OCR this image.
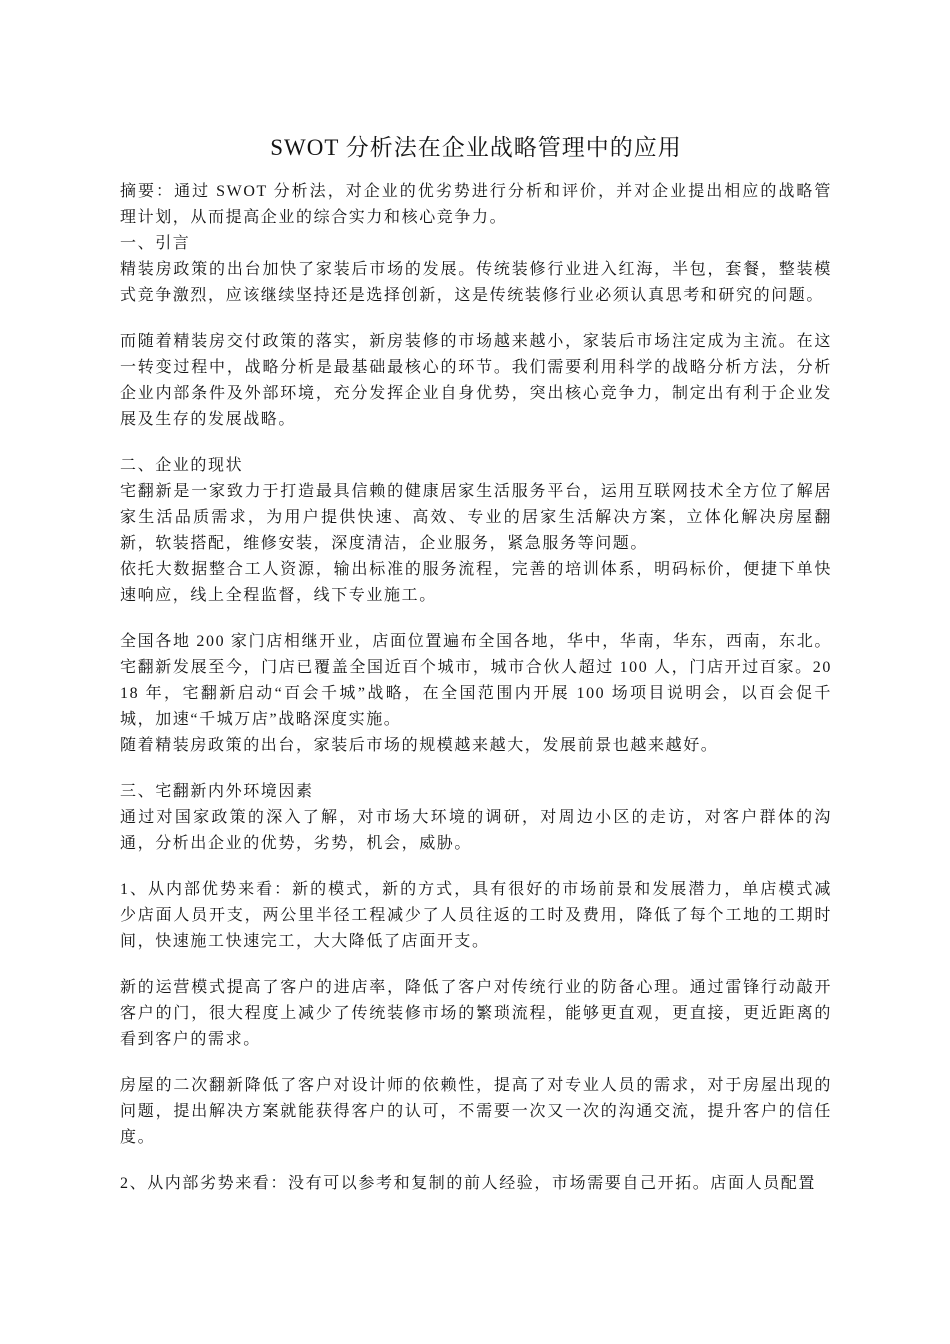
SWOT 分析法在企业战略管理中的应用
摘要：通过 SWOT 分析法，对企业的优劣势进行分析和评价，并对企业提出相应的战略管理计划，从而提高企业的综合实力和核心竞争力。
一、引言
精装房政策的出台加快了家装后市场的发展。传统装修行业进入红海，半包，套餐，整装模式竞争激烈，应该继续坚持还是选择创新，这是传统装修行业必须认真思考和研究的问题。
而随着精装房交付政策的落实，新房装修的市场越来越小，家装后市场注定成为主流。在这一转变过程中，战略分析是最基础最核心的环节。我们需要利用科学的战略分析方法，分析企业内部条件及外部环境，充分发挥企业自身优势，突出核心竞争力，制定出有利于企业发展及生存的发展战略。
二、企业的现状
宅翻新是一家致力于打造最具信赖的健康居家生活服务平台，运用互联网技术全方位了解居家生活品质需求，为用户提供快速、高效、专业的居家生活解决方案，立体化解决房屋翻新，软装搭配，维修安装，深度清洁，企业服务，紧急服务等问题。
依托大数据整合工人资源，输出标准的服务流程，完善的培训体系，明码标价，便捷下单快速响应，线上全程监督，线下专业施工。
全国各地 200 家门店相继开业，店面位置遍布全国各地，华中，华南，华东，西南，东北。宅翻新发展至今，门店已覆盖全国近百个城市，城市合伙人超过 100 人，门店开过百家。2018 年，宅翻新启动“百会千城”战略，在全国范围内开展 100 场项目说明会，以百会促千城，加速“千城万店”战略深度实施。
随着精装房政策的出台，家装后市场的规模越来越大，发展前景也越来越好。
三、宅翻新内外环境因素
通过对国家政策的深入了解，对市场大环境的调研，对周边小区的走访，对客户群体的沟通，分析出企业的优势，劣势，机会，威胁。
1、从内部优势来看：新的模式，新的方式，具有很好的市场前景和发展潜力，单店模式减少店面人员开支，两公里半径工程减少了人员往返的工时及费用，降低了每个工地的工期时间，快速施工快速完工，大大降低了店面开支。
新的运营模式提高了客户的进店率，降低了客户对传统行业的防备心理。通过雷锋行动敲开客户的门，很大程度上减少了传统装修市场的繁琐流程，能够更直观，更直接，更近距离的看到客户的需求。
房屋的二次翻新降低了客户对设计师的依赖性，提高了对专业人员的需求，对于房屋出现的问题，提出解决方案就能获得客户的认可，不需要一次又一次的沟通交流，提升客户的信任度。
2、从内部劣势来看：没有可以参考和复制的前人经验，市场需要自己开拓。店面人员配置
